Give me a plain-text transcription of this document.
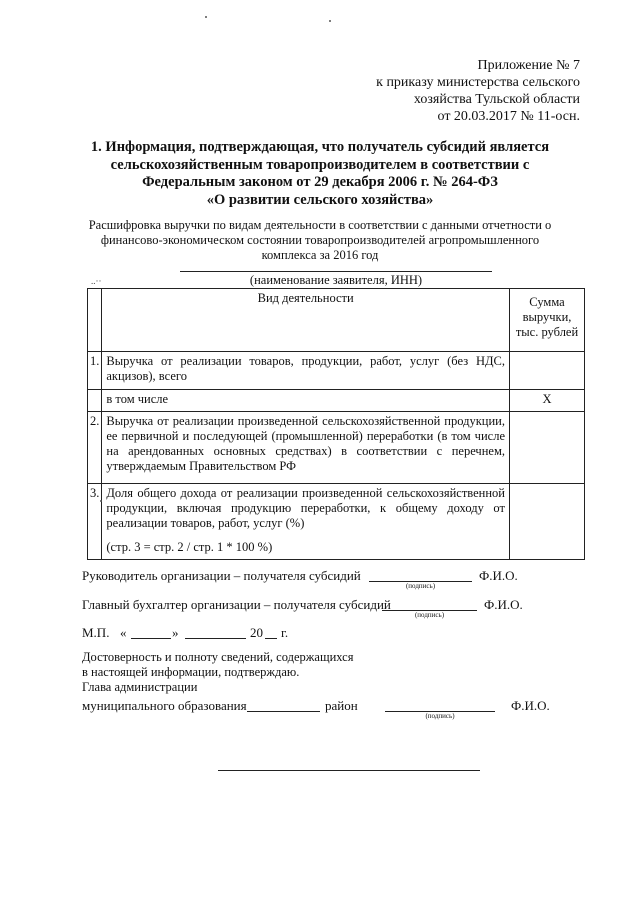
Приложение № 7
к приказу министерства сельского
хозяйства Тульской области
от 20.03.2017 № 11-осн.
1. Информация, подтверждающая, что получатель субсидий является
сельскохозяйственным товаропроизводителем в соответствии с
Федеральным законом от 29 декабря 2006 г. № 264-ФЗ
«О развитии сельского хозяйства»
Расшифровка выручки по видам деятельности в соответствии с данными отчетности о
финансово-экономическом состоянии товаропроизводителей агропромышленного
комплекса за 2016 год
(наименование заявителя, ИНН)
..··
	Вид деятельности	Сумма выручки, тыс. рублей
1.	Выручка от реализации товаров, продукции, работ, услуг (без НДС, акцизов), всего	
	в том числе	X
2.	Выручка от реализации произведенной сельскохозяйственной продукции, ее первичной и последующей (промышленной) переработки (в том числе на арендованных основных средствах) в соответствии с перечнем, утверждаемым Правительством РФ	
3.	Доля общего дохода от реализации произведенной сельскохозяйственной продукции, включая продукцию переработки, к общему доходу от реализации товаров, работ, услуг (%)
(стр. 3 = стр. 2 / стр. 1 * 100 %)	

Руководитель организации – получателя субсидий
(подпись)
Ф.И.О.
Главный бухгалтер организации – получателя субсидий
(подпись)
Ф.И.О.
М.П. «	»	20 г.
Достоверность и полноту сведений, содержащихся
в настоящей информации, подтверждаю.
Глава администрации
муниципального образования	район
(подпись)
Ф.И.О.
